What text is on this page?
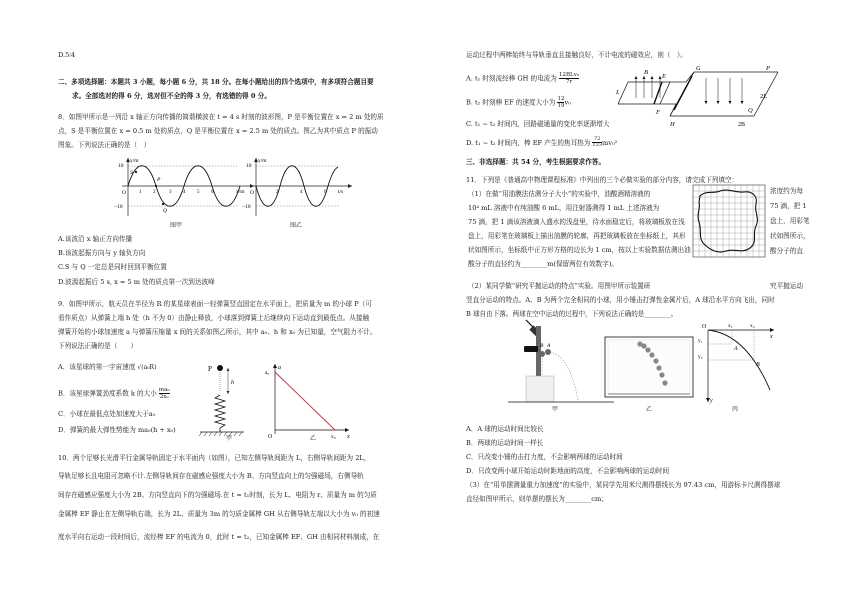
D.5∶4

二、多项选择题：本题共 3 小题，每小题 6 分，共 18 分。在每小题给出的四个选项中，有多项符合题目要

求。全部选对的得 6 分，选对但不全的得 3 分，有选错的得 0 分。

8．如图甲所示是一列沿 x 轴正方向传播的简谐横波在 t = 4 s 时刻的波形图，P 是平衡位置在 x = 2 m 处的质

点，S 是平衡位置在 x = 0.5 m 处的质点，Q 是平衡位置在 x = 2.5 m 处的质点。图乙为其中质点 P 的振动

图象。下列说法正确的是（　）

y/m
10
−10
O
S
P
Q
1 2	3 4 5 6	x/m

图甲

y/m
10
−10
O	2	4	6 t/s

图乙

A.该波沿 x 轴正方向传播

B.该波起振方向与 y 轴负方向

C.S 与 Q 一定总是同时回到平衡位置

D.波源起振后 5 s, x = 5 m 处的质点第一次到达波峰

9．如图甲所示，航天员在半径为 R 的某星球表面一轻弹簧竖直固定在水平面上，把质量为 m 的小球 P（可

看作质点）从弹簧上端 h 处（h 不为 0）由静止释放，小球落到弹簧上后继续向下运动直到最低点。从接触

弹簧开始的小球加速度 a 与弹簧压缩量 x 间的关系如图乙所示，其中 a₀、h 和 x₀ 为已知量，空气阻力不计。

下列说法正确的是（　　）

A．该星球的第一宇宙速度 √(a₀R)

B．该星球弹簧劲度系数 k 的大小 $\frac{\text{ma₀}}{\text{2x₀}}$

C．小球在最低点处加速度大于a₀

D．弹簧的最大弹性势能为 ma₀(h + x₀)

P
h

甲

a
a₀
O	x₀ x

乙

10．两个足够长光滑平行金属导轨固定于水平面内（如图），已知左侧导轨间距为 L，右侧导轨间距为 2L，

导轨足够长且电阻可忽略不计.左侧导轨间存在磁感应强度大小为 B、方向竖直向上的匀强磁场，右侧导轨

间存在磁感应强度大小为 2B、方向竖直向下的匀强磁场.在 t = t₁时刻，长为 L、电阻为 r、质量为 m 的匀质

金属棒 EF 静止在左侧导轨右端，长为 2L、质量为 3m 的匀质金属棒 GH 从右侧导轨左端以大小为 v₀ 的初速

度水平向右运动一段时间后，流经棒 EF 的电流为 0，此时 t = t₂，已知金属棒 EF、GH 由相同材料制成，在

运动过程中两棒始终与导轨垂直且接触良好，不计电流的磁效应，则（　）。

A. t₁ 时刻流经棒 GH 的电流为 12BLv₀
7r

B. t₂ 时刻棒 EF 的速度大小为 $\frac{12}{19} v_0$

C. t₁ ~ t₂ 时间内，回路磁通量的变化率逐渐增大

D. t₁ ~ t₂ 时间内，棒 EF 产生的焦耳热为 $\frac{72}{133} mv_0^2$

L
B
E
F
G
H
P
Q
2L
2B

三、非选择题：共 54 分，考生根据要求作答。

11．下列是《普通高中物理课程标准》中列出的三个必做实验的部分内容，请完成下列填空：

（1）在做“用油膜法估测分子大小”的实验中，油酸酒精溶液的

10⁴ mL 溶液中有纯油酸 6 mL，用注射器测得 1 mL 上述溶液为

75 滴，把 1 滴该溶液滴入盛水的浅盘里，待水面稳定后，将玻璃板放在浅

盘上，用彩笔在玻璃板上描出油膜的轮廓，再把玻璃板放在坐标纸上，其形

状如图所示，坐标纸中正方形方格的边长为 1 cm，按以上实验数据估测出油

酸分子的直径约为________m(保留两位有效数字)。

浓度约为每

75 滴，把 1

盘上，用彩笔

状如图所示，

酸分子的直

（2）某同学做“研究平抛运动的特点”实验。用图甲所示装置研	究平抛运动

竖直分运动的特点。A、B 为两个完全相同的小球，用小锤击打弹性金属片后，A 球沿水平方向飞出，同时

B 球自由下落。两球在空中运动的过程中，下列说法正确的是________。

B A

甲	乙

O
x
y
x₁	x₂
y₁
y₂
A
B

丙

A．A 球的运动时间比较长

B．两球的运动时间一样长

C．只改变小锤的击打力度，不会影响两球的运动时间

D．只改变两小球开始运动时距地面的高度，不会影响两球的运动时间

（3）在“用单摆测量重力加速度”的实验中，某同学先用米尺测得摆线长为 97.43 cm，用游标卡尺测得摆球

直径如图甲所示，则单摆的摆长为________cm；
